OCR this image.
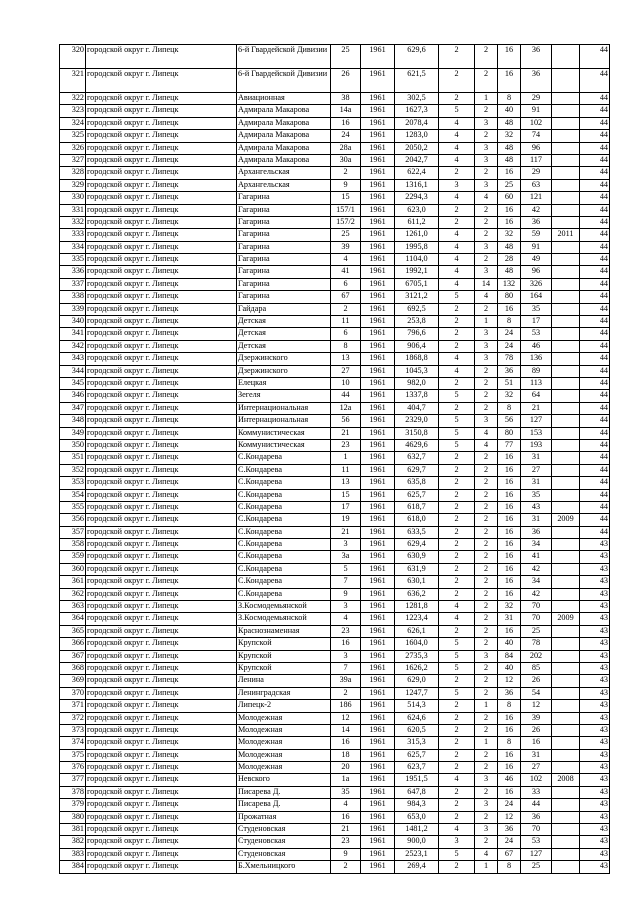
320	городской округ г. Липецк	6-й Гвардейской Дивизии	25	1961	629,6	2	2	16	36		44
321	городской округ г. Липецк	6-й Гвардейской Дивизии	26	1961	621,5	2	2	16	36		44
322	городской округ г. Липецк	Авиационная	38	1961	302,5	2	1	8	29		44
323	городской округ г. Липецк	Адмирала Макарова	14а	1961	1627,3	5	2	40	91		44
324	городской округ г. Липецк	Адмирала Макарова	16	1961	2078,4	4	3	48	102		44
325	городской округ г. Липецк	Адмирала Макарова	24	1961	1283,0	4	2	32	74		44
326	городской округ г. Липецк	Адмирала Макарова	28а	1961	2050,2	4	3	48	96		44
327	городской округ г. Липецк	Адмирала Макарова	30а	1961	2042,7	4	3	48	117		44
328	городской округ г. Липецк	Архангельская	2	1961	622,4	2	2	16	29		44
329	городской округ г. Липецк	Архангельская	9	1961	1316,1	3	3	25	63		44
330	городской округ г. Липецк	Гагарина	15	1961	2294,3	4	4	60	121		44
331	городской округ г. Липецк	Гагарина	157/1	1961	623,0	2	2	16	42		44
332	городской округ г. Липецк	Гагарина	157/2	1961	611,2	2	2	16	36		44
333	городской округ г. Липецк	Гагарина	25	1961	1261,0	4	2	32	59	2011	44
334	городской округ г. Липецк	Гагарина	39	1961	1995,8	4	3	48	91		44
335	городской округ г. Липецк	Гагарина	4	1961	1104,0	4	2	28	49		44
336	городской округ г. Липецк	Гагарина	41	1961	1992,1	4	3	48	96		44
337	городской округ г. Липецк	Гагарина	6	1961	6705,1	4	14	132	326		44
338	городской округ г. Липецк	Гагарина	67	1961	3121,2	5	4	80	164		44
339	городской округ г. Липецк	Гайдара	2	1961	692,5	2	2	16	35		44
340	городской округ г. Липецк	Детская	11	1961	253,8	2	1	8	17		44
341	городской округ г. Липецк	Детская	6	1961	796,6	2	3	24	53		44
342	городской округ г. Липецк	Детская	8	1961	906,4	2	3	24	46		44
343	городской округ г. Липецк	Дзержинского	13	1961	1868,8	4	3	78	136		44
344	городской округ г. Липецк	Дзержинского	27	1961	1045,3	4	2	36	89		44
345	городской округ г. Липецк	Елецкая	10	1961	982,0	2	2	51	113		44
346	городской округ г. Липецк	Зегеля	44	1961	1337,8	5	2	32	64		44
347	городской округ г. Липецк	Интернациональная	12а	1961	404,7	2	2	8	21		44
348	городской округ г. Липецк	Интернациональная	56	1961	2329,0	5	3	56	127		44
349	городской округ г. Липецк	Коммунистическая	21	1961	3150,8	5	4	80	153		44
350	городской округ г. Липецк	Коммунистическая	23	1961	4629,6	5	4	77	193		44
351	городской округ г. Липецк	С.Кондарева	1	1961	632,7	2	2	16	31		44
352	городской округ г. Липецк	С.Кондарева	11	1961	629,7	2	2	16	27		44
353	городской округ г. Липецк	С.Кондарева	13	1961	635,8	2	2	16	31		44
354	городской округ г. Липецк	С.Кондарева	15	1961	625,7	2	2	16	35		44
355	городской округ г. Липецк	С.Кондарева	17	1961	618,7	2	2	16	43		44
356	городской округ г. Липецк	С.Кондарева	19	1961	618,0	2	2	16	31	2009	44
357	городской округ г. Липецк	С.Кондарева	21	1961	633,5	2	2	16	36		44
358	городской округ г. Липецк	С.Кондарева	3	1961	629,4	2	2	16	34		43
359	городской округ г. Липецк	С.Кондарева	3а	1961	630,9	2	2	16	41		43
360	городской округ г. Липецк	С.Кондарева	5	1961	631,9	2	2	16	42		43
361	городской округ г. Липецк	С.Кондарева	7	1961	630,1	2	2	16	34		43
362	городской округ г. Липецк	С.Кондарева	9	1961	636,2	2	2	16	42		43
363	городской округ г. Липецк	З.Космодемьянской	3	1961	1281,8	4	2	32	70		43
364	городской округ г. Липецк	З.Космодемьянской	4	1961	1223,4	4	2	31	70	2009	43
365	городской округ г. Липецк	Краснознаменная	23	1961	626,1	2	2	16	25		43
366	городской округ г. Липецк	Крупской	16	1961	1604,0	5	2	40	78		43
367	городской округ г. Липецк	Крупской	3	1961	2735,3	5	3	84	202		43
368	городской округ г. Липецк	Крупской	7	1961	1626,2	5	2	40	85		43
369	городской округ г. Липецк	Ленина	39а	1961	629,0	2	2	12	26		43
370	городской округ г. Липецк	Ленинградская	2	1961	1247,7	5	2	36	54		43
371	городской округ г. Липецк	Липецк-2	186	1961	514,3	2	1	8	12		43
372	городской округ г. Липецк	Молодежная	12	1961	624,6	2	2	16	39		43
373	городской округ г. Липецк	Молодежная	14	1961	620,5	2	2	16	26		43
374	городской округ г. Липецк	Молодежная	16	1961	315,3	2	1	8	16		43
375	городской округ г. Липецк	Молодежная	18	1961	625,7	2	2	16	31		43
376	городской округ г. Липецк	Молодежная	20	1961	623,7	2	2	16	27		43
377	городской округ г. Липецк	Невского	1а	1961	1951,5	4	3	46	102	2008	43
378	городской округ г. Липецк	Писарева Д.	35	1961	647,8	2	2	16	33		43
379	городской округ г. Липецк	Писарева Д.	4	1961	984,3	2	3	24	44		43
380	городской округ г. Липецк	Прожатная	16	1961	653,0	2	2	12	36		43
381	городской округ г. Липецк	Студеновская	21	1961	1481,2	4	3	36	70		43
382	городской округ г. Липецк	Студеновская	23	1961	900,0	3	2	24	53		43
383	городской округ г. Липецк	Студеновская	9	1961	2523,1	5	4	67	127		43
384	городской округ г. Липецк	Б.Хмельницкого	2	1961	269,4	2	1	8	25		43
